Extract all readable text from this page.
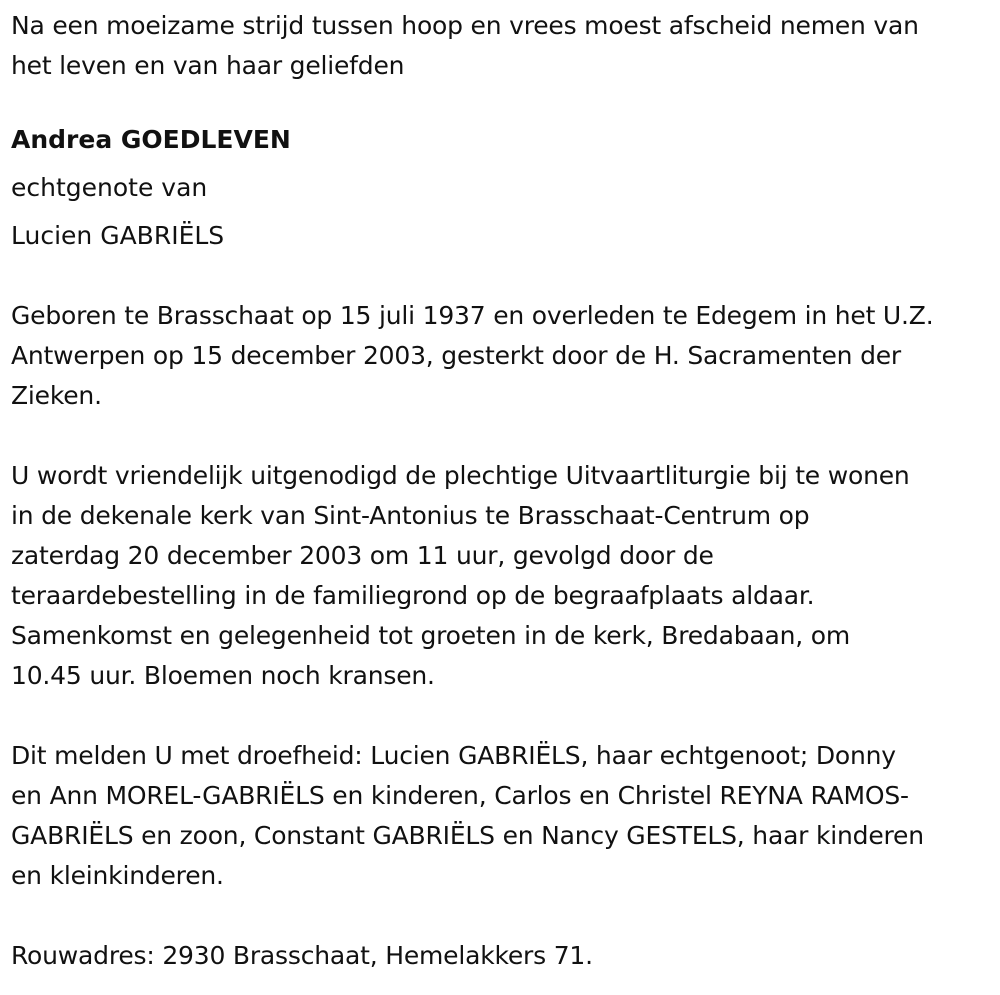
Na een moeizame strijd tussen hoop en vrees moest afscheid nemen van
het leven en van haar geliefden

Andrea GOEDLEVEN

echtgenote van

Lucien GABRIËLS

Geboren te Brasschaat op 15 juli 1937 en overleden te Edegem in het U.Z.
Antwerpen op 15 december 2003, gesterkt door de H. Sacramenten der
Zieken.

U wordt vriendelijk uitgenodigd de plechtige Uitvaartliturgie bij te wonen
in de dekenale kerk van Sint-Antonius te Brasschaat-Centrum op
zaterdag 20 december 2003 om 11 uur, gevolgd door de
teraardebestelling in de familiegrond op de begraafplaats aldaar.
Samenkomst en gelegenheid tot groeten in de kerk, Bredabaan, om
10.45 uur. Bloemen noch kransen.

Dit melden U met droefheid: Lucien GABRIËLS, haar echtgenoot; Donny
en Ann MOREL-GABRIËLS en kinderen, Carlos en Christel REYNA RAMOS-
GABRIËLS en zoon, Constant GABRIËLS en Nancy GESTELS, haar kinderen
en kleinkinderen.

Rouwadres: 2930 Brasschaat, Hemelakkers 71.
